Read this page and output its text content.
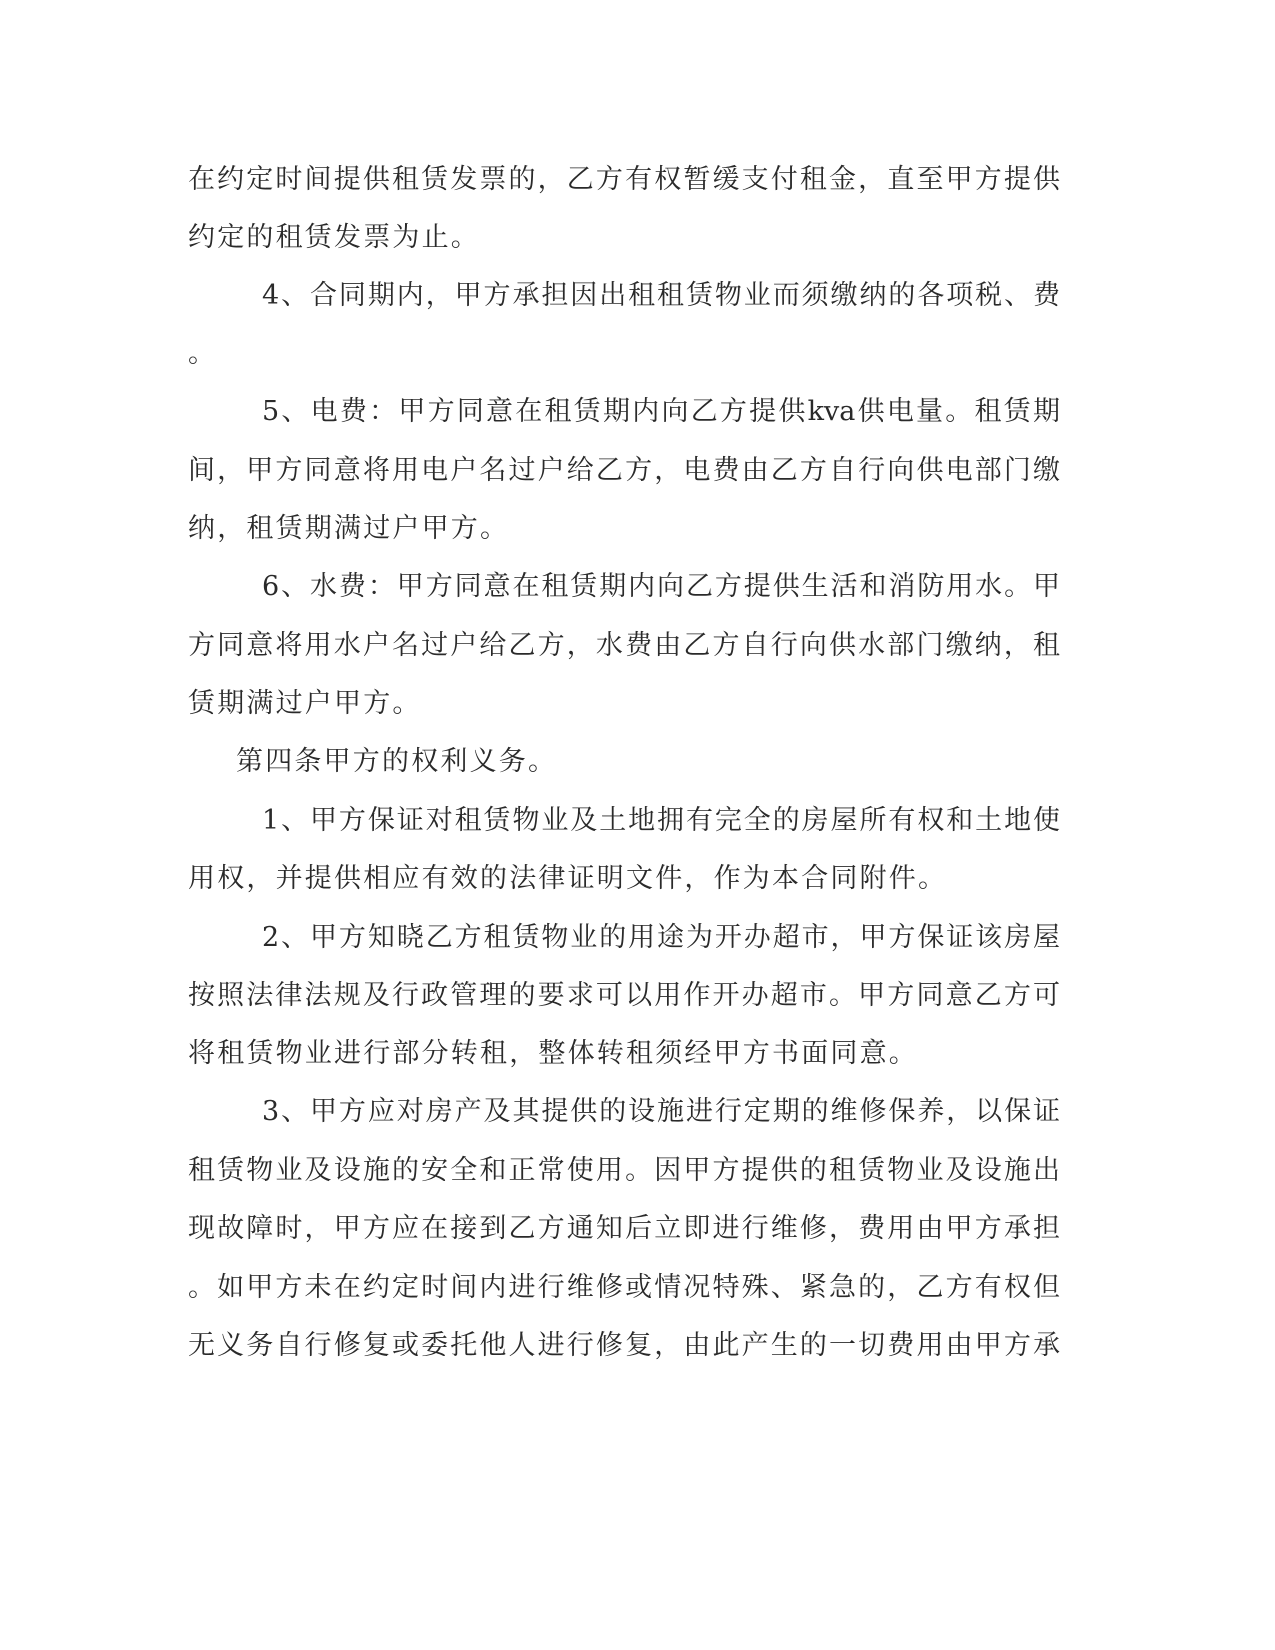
在约定时间提供租赁发票的，乙方有权暂缓支付租金，直至甲方提供
约定的租赁发票为止。
4、合同期内，甲方承担因出租租赁物业而须缴纳的各项税、费
。
5、电费：甲方同意在租赁期内向乙方提供kva供电量。租赁期
间，甲方同意将用电户名过户给乙方，电费由乙方自行向供电部门缴
纳，租赁期满过户甲方。
6、水费：甲方同意在租赁期内向乙方提供生活和消防用水。甲
方同意将用水户名过户给乙方，水费由乙方自行向供水部门缴纳，租
赁期满过户甲方。
第四条甲方的权利义务。
1、甲方保证对租赁物业及土地拥有完全的房屋所有权和土地使
用权，并提供相应有效的法律证明文件，作为本合同附件。
2、甲方知晓乙方租赁物业的用途为开办超市，甲方保证该房屋
按照法律法规及行政管理的要求可以用作开办超市。甲方同意乙方可
将租赁物业进行部分转租，整体转租须经甲方书面同意。
3、甲方应对房产及其提供的设施进行定期的维修保养，以保证
租赁物业及设施的安全和正常使用。因甲方提供的租赁物业及设施出
现故障时，甲方应在接到乙方通知后立即进行维修，费用由甲方承担
。如甲方未在约定时间内进行维修或情况特殊、紧急的，乙方有权但
无义务自行修复或委托他人进行修复，由此产生的一切费用由甲方承
